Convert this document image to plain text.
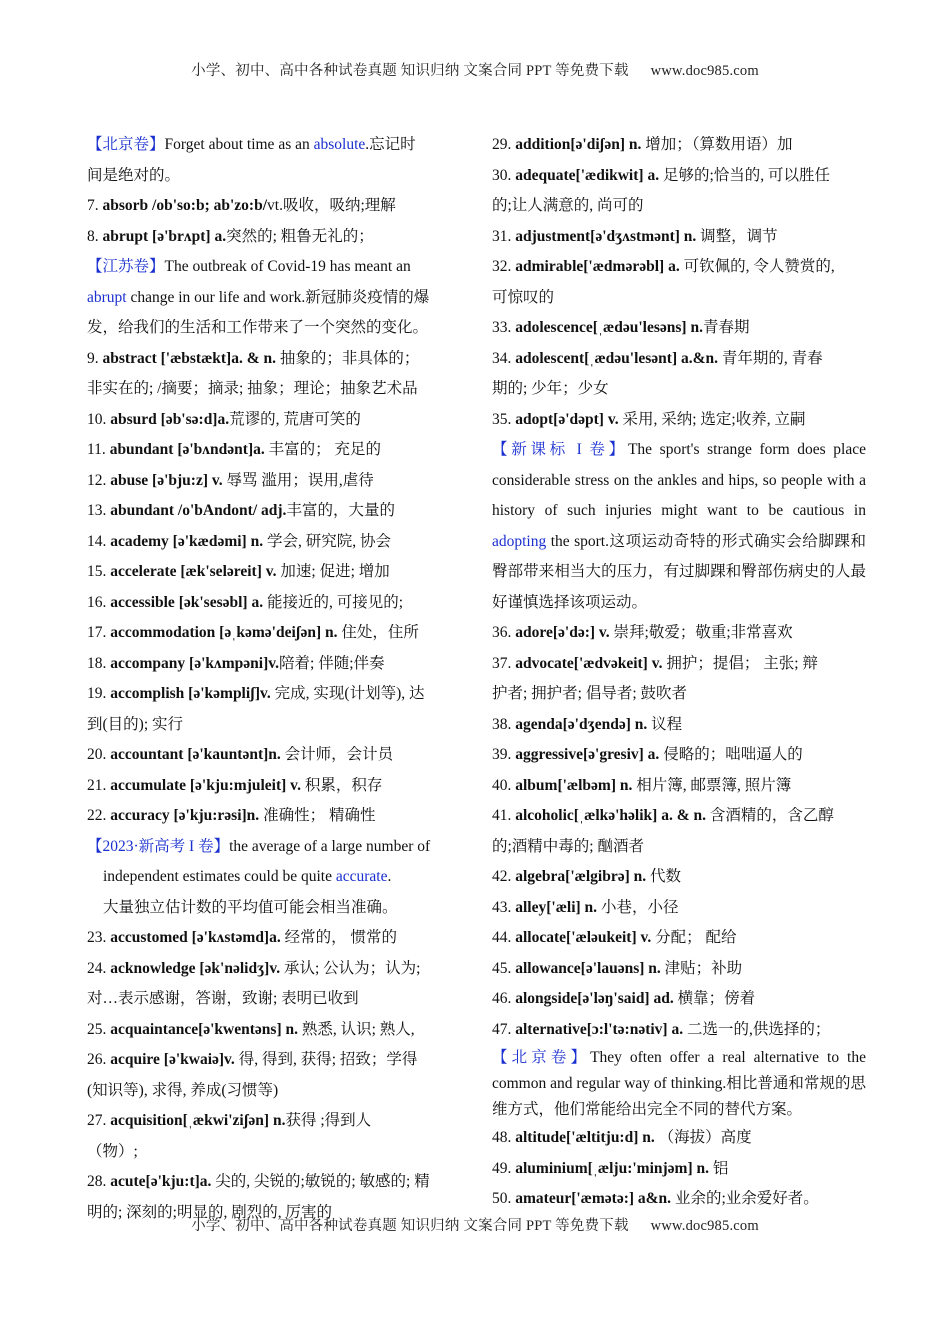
小学、初中、高中各种试卷真题 知识归纳 文案合同 PPT 等免费下载 www.doc985.com
【北京卷】Forget about time as an absolute.忘记时
间是绝对的。
7. absorb /ob'so:b; ab'zo:b/vt.吸收，吸纳;理解
8. abrupt [ə'brʌpt] a.突然的; 粗鲁无礼的；
【江苏卷】The outbreak of Covid-19 has meant an
abrupt change in our life and work.新冠肺炎疫情的爆
发，给我们的生活和工作带来了一个突然的变化。
9. abstract ['æbstækt]a. & n. 抽象的；非具体的；
非实在的; /摘要；摘录; 抽象；理论；抽象艺术品
10. absurd [əb'sə:d]a.荒谬的, 荒唐可笑的
11. abundant [ə'bʌndənt]a. 丰富的； 充足的
12. abuse [ə'bju:z] v. 辱骂 滥用；误用,虐待
13. abundant /o'bAndont/ adj.丰富的，大量的
14. academy [ə'kædəmi] n. 学会, 研究院, 协会
15. accelerate [æk'seləreit] v. 加速; 促进; 增加
16. accessible [ək'sesəbl] a. 能接近的, 可接见的;
17. accommodation [əˌkəmə'deiʃən] n. 住处，住所
18. accompany [ə'kʌmpəni]v.陪着; 伴随;伴奏
19. accomplish [ə'kəmpliʃ]v. 完成, 实现(计划等), 达
到(目的); 实行
20. accountant [ə'kauntənt]n. 会计师，会计员
21. accumulate [ə'kju:mjuleit] v. 积累，积存
22. accuracy [ə'kju:rəsi]n. 准确性； 精确性
【2023·新高考 I 卷】the average of a large number of
independent estimates could be quite accurate.
大量独立估计数的平均值可能会相当准确。
23. accustomed [ə'kʌstəmd]a. 经常的， 惯常的
24. acknowledge [ək'nəlidʒ]v. 承认; 公认为；认为;
对…表示感谢，答谢，致谢; 表明已收到
25. acquaintance[ə'kwentəns] n. 熟悉, 认识; 熟人,
26. acquire [ə'kwaiə]v. 得, 得到, 获得; 招致；学得
(知识等), 求得, 养成(习惯等)
27. acquisition[ˌækwi'ziʃən] n.获得 ;得到人
（物）;
28. acute[ə'kju:t]a. 尖的, 尖锐的;敏锐的; 敏感的; 精
明的; 深刻的;明显的, 剧烈的, 厉害的
29. addition[ə'diʃən] n. 增加；（算数用语）加
30. adequate['ædikwit] a. 足够的;恰当的, 可以胜任
的;让人满意的, 尚可的
31. adjustment[ə'dʒʌstmənt] n. 调整，调节
32. admirable['ædmərəbl] a. 可钦佩的, 令人赞赏的,
可惊叹的
33. adolescence[ˌædəu'lesəns] n.青春期
34. adolescent[ˌædəu'lesənt] a.&n. 青年期的, 青春
期的; 少年；少女
35. adopt[ə'dəpt] v. 采用, 采纳; 选定;收养, 立嗣
【新课标 I 卷】The sport's strange form does place considerable stress on the ankles and hips, so people with a history of such injuries might want to be cautious in adopting the sport.这项运动奇特的形式确实会给脚踝和臀部带来相当大的压力，有过脚踝和臀部伤病史的人最好谨慎选择该项运动。
36. adore[ə'də:] v. 崇拜;敬爱；敬重;非常喜欢
37. advocate['ædvəkeit] v. 拥护；提倡； 主张; 辩
护者; 拥护者; 倡导者; 鼓吹者
38. agenda[ə'dʒendə] n. 议程
39. aggressive[ə'gresiv] a. 侵略的；咄咄逼人的
40. album['ælbəm] n. 相片簿, 邮票簿, 照片簿
41. alcoholic[ˌælkə'həlik] a. & n. 含酒精的，含乙醇
的;酒精中毒的; 酗酒者
42. algebra['ælgibrə] n. 代数
43. alley['æli] n. 小巷，小径
44. allocate['æləukeit] v. 分配； 配给
45. allowance[ə'lauəns] n. 津贴；补助
46. alongside[ə'ləŋ'said] ad. 横靠；傍着
47. alternative[ɔ:l'tə:nətiv] a. 二选一的,供选择的；
【北京卷】They often offer a real alternative to the common and regular way of thinking.相比普通和常规的思维方式，他们常能给出完全不同的替代方案。
48. altitude['æltitju:d] n. （海拔）高度
49. aluminium[ˌælju:'minjəm] n. 铝
50. amateur['æmətə:] a&n. 业余的;业余爱好者。
小学、初中、高中各种试卷真题 知识归纳 文案合同 PPT 等免费下载 www.doc985.com
